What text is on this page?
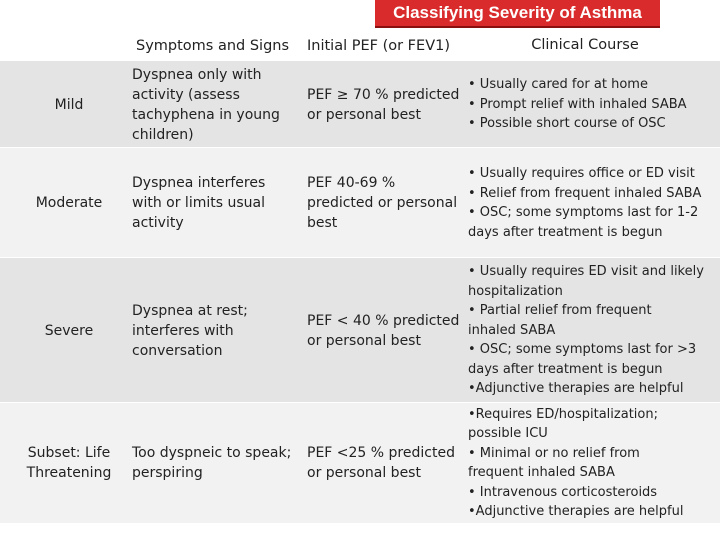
Classifying Severity of Asthma
Symptoms and Signs Initial PEF (or FEV1)	Clinical Course
Mild
Dyspnea only with
activity (assess
tachyphena in young
children)
PEF ≥ 70 % predicted
or personal best
• Usually cared for at home
• Prompt relief with inhaled SABA
• Possible short course of OSC
Moderate
Dyspnea interferes
with or limits usual
activity
PEF 40-69 %
predicted or personal
best
• Usually requires office or ED visit
• Relief from frequent inhaled SABA
• OSC; some symptoms last for 1-2
days after treatment is begun
Severe
Dyspnea at rest;
interferes with
conversation
PEF < 40 % predicted
or personal best
• Usually requires ED visit and likely
hospitalization
• Partial relief from frequent
inhaled SABA
• OSC; some symptoms last for >3
days after treatment is begun
•Adjunctive therapies are helpful
Subset: Life
Threatening
Too dyspneic to speak;
perspiring
PEF <25 % predicted
or personal best
•Requires ED/hospitalization;
possible ICU
• Minimal or no relief from
frequent inhaled SABA
• Intravenous corticosteroids
•Adjunctive therapies are helpful
